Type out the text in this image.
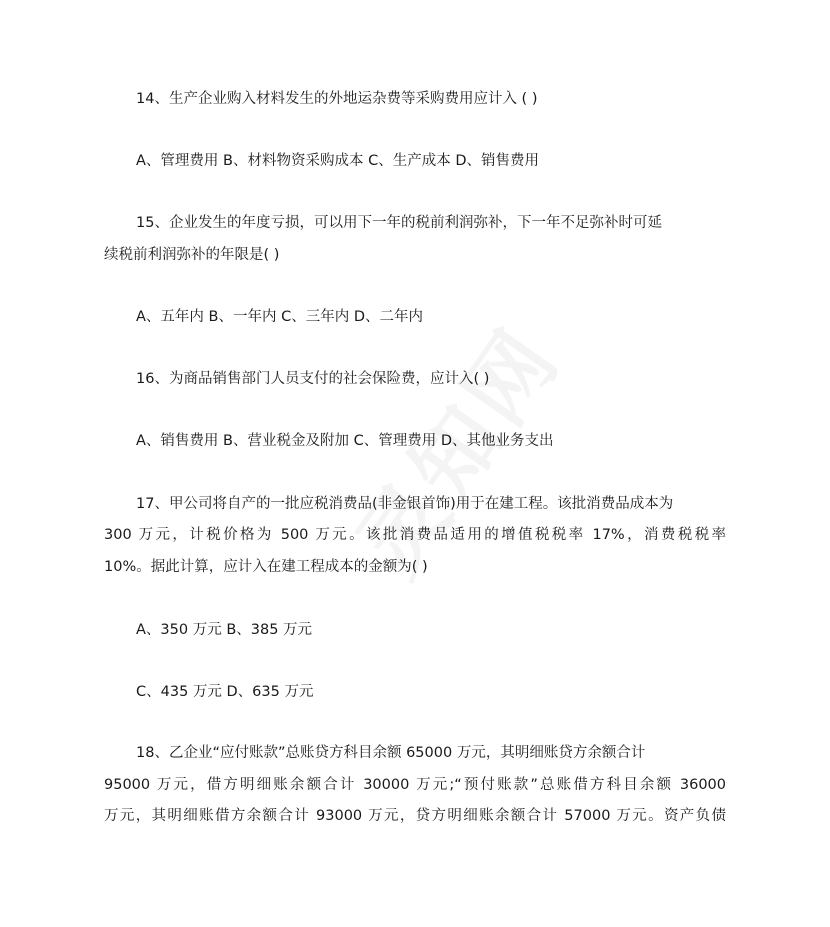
14、生产企业购入材料发生的外地运杂费等采购费用应计入 ( )

A、管理费用 B、材料物资采购成本 C、生产成本 D、销售费用

15、企业发生的年度亏损，可以用下一年的税前利润弥补，下一年不足弥补时可延

续税前利润弥补的年限是( )

A、五年内 B、一年内 C、三年内 D、二年内

16、为商品销售部门人员支付的社会保险费，应计入( )

A、销售费用 B、营业税金及附加 C、管理费用 D、其他业务支出

17、甲公司将自产的一批应税消费品(非金银首饰)用于在建工程。该批消费品成本为

300 万元，计税价格为 500 万元。该批消费品适用的增值税税率 17%，消费税税率

10%。据此计算，应计入在建工程成本的金额为( )

A、350 万元 B、385 万元

C、435 万元 D、635 万元

18、乙企业“应付账款”总账贷方科目余额 65000 万元，其明细账贷方余额合计

95000 万元，借方明细账余额合计 30000 万元;“预付账款”总账借方科目余额 36000

万元，其明细账借方余额合计 93000 万元，贷方明细账余额合计 57000 万元。资产负债
